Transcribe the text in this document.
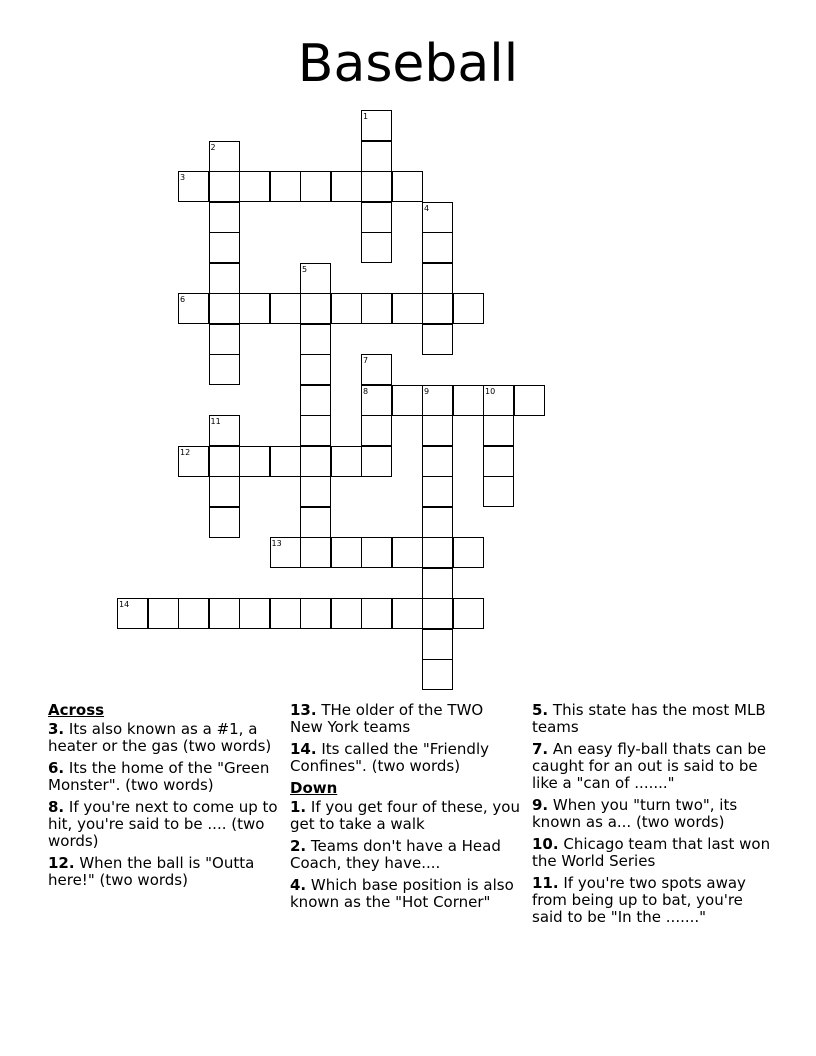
Baseball
1
2
3
4
5
6
7
8	9	10
11
12
13
14
Across
3. Its also known as a #1, a heater or the gas (two words)
6. Its the home of the "Green Monster". (two words)
8. If you're next to come up to hit, you're said to be .... (two words)
12. When the ball is "Outta here!" (two words)
13. THe older of the TWO New York teams
14. Its called the "Friendly Confines". (two words)
Down
1. If you get four of these, you get to take a walk
2. Teams don't have a Head Coach, they have....
4. Which base position is also known as the "Hot Corner"
5. This state has the most MLB teams
7. An easy fly-ball thats can be caught for an out is said to be like a "can of ......."
9. When you "turn two", its known as a... (two words)
10. Chicago team that last won the World Series
11. If you're two spots away from being up to bat, you're said to be "In the ......."
